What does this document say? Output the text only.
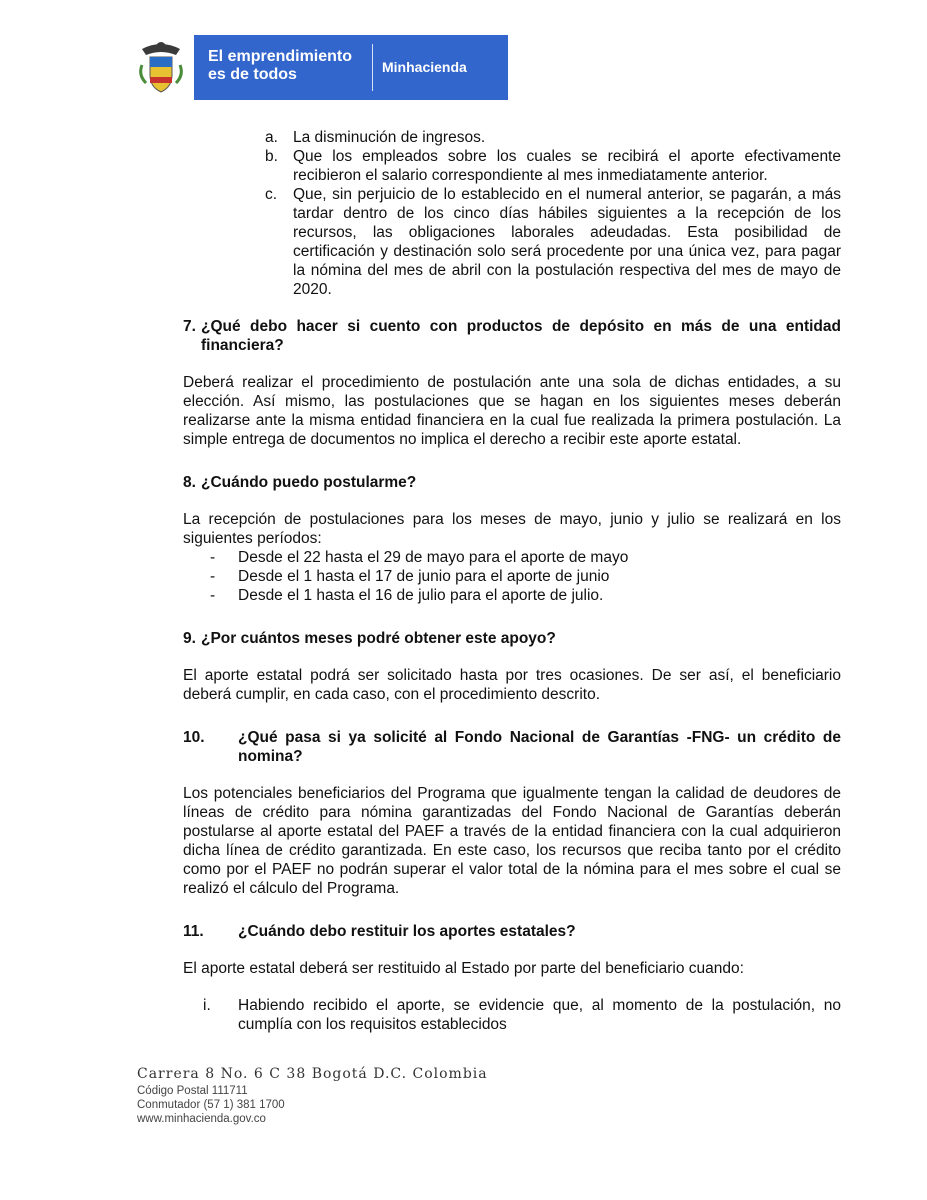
El emprendimiento
es de todos	Minhacienda
a. La disminución de ingresos.
b. Que los empleados sobre los cuales se recibirá el aporte efectivamente recibieron el salario correspondiente al mes inmediatamente anterior.
c. Que, sin perjuicio de lo establecido en el numeral anterior, se pagarán, a más tardar dentro de los cinco días hábiles siguientes a la recepción de los recursos, las obligaciones laborales adeudadas. Esta posibilidad de certificación y destinación solo será procedente por una única vez, para pagar la nómina del mes de abril con la postulación respectiva del mes de mayo de 2020.
7. ¿Qué debo hacer si cuento con productos de depósito en más de una entidad financiera?
Deberá realizar el procedimiento de postulación ante una sola de dichas entidades, a su elección. Así mismo, las postulaciones que se hagan en los siguientes meses deberán realizarse ante la misma entidad financiera en la cual fue realizada la primera postulación. La simple entrega de documentos no implica el derecho a recibir este aporte estatal.
8. ¿Cuándo puedo postularme?
La recepción de postulaciones para los meses de mayo, junio y julio se realizará en los siguientes períodos:
- Desde el 22 hasta el 29 de mayo para el aporte de mayo
- Desde el 1 hasta el 17 de junio para el aporte de junio
- Desde el 1 hasta el 16 de julio para el aporte de julio.
9. ¿Por cuántos meses podré obtener este apoyo?
El aporte estatal podrá ser solicitado hasta por tres ocasiones. De ser así, el beneficiario deberá cumplir, en cada caso, con el procedimiento descrito.
10. ¿Qué pasa si ya solicité al Fondo Nacional de Garantías -FNG- un crédito de nomina?
Los potenciales beneficiarios del Programa que igualmente tengan la calidad de deudores de líneas de crédito para nómina garantizadas del Fondo Nacional de Garantías deberán postularse al aporte estatal del PAEF a través de la entidad financiera con la cual adquirieron dicha línea de crédito garantizada. En este caso, los recursos que reciba tanto por el crédito como por el PAEF no podrán superar el valor total de la nómina para el mes sobre el cual se realizó el cálculo del Programa.
11. ¿Cuándo debo restituir los aportes estatales?
El aporte estatal deberá ser restituido al Estado por parte del beneficiario cuando:
i. Habiendo recibido el aporte, se evidencie que, al momento de la postulación, no cumplía con los requisitos establecidos
Carrera 8 No. 6 C 38 Bogotá D.C. Colombia
Código Postal 111711
Conmutador (57 1) 381 1700
www.minhacienda.gov.co
